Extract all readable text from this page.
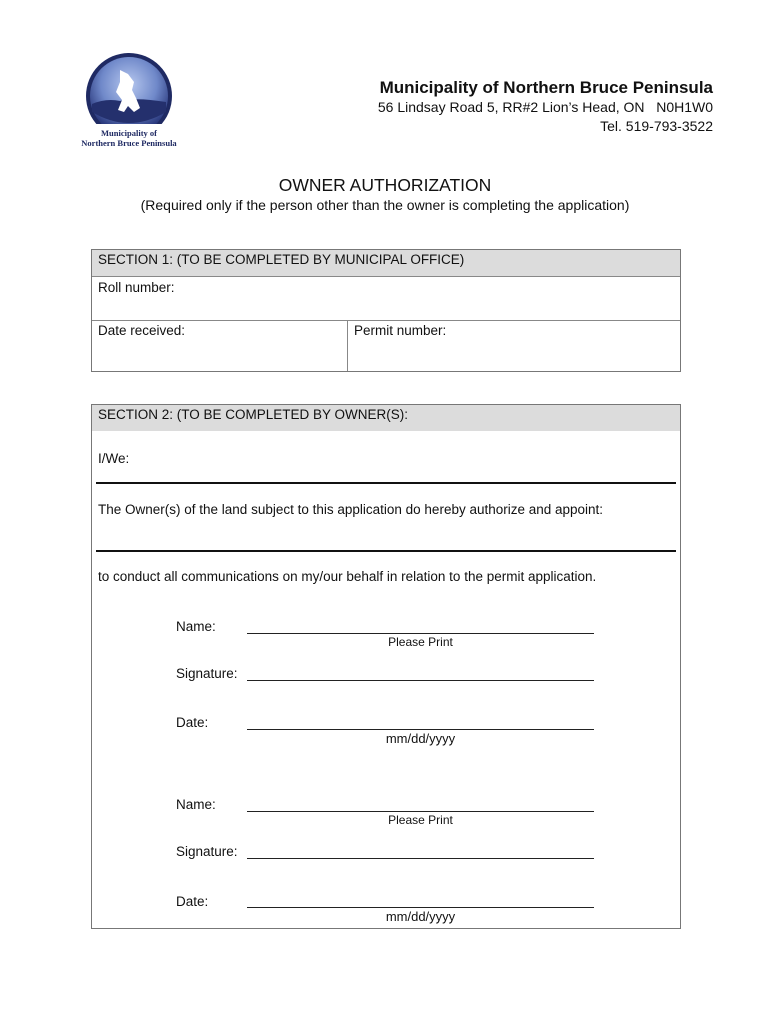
Municipality of
Northern Bruce Peninsula
Municipality of Northern Bruce Peninsula
56 Lindsay Road 5, RR#2 Lion’s Head, ON   N0H1W0
Tel. 519-793-3522
OWNER AUTHORIZATION
(Required only if the person other than the owner is completing the application)
SECTION 1: (TO BE COMPLETED BY MUNICIPAL OFFICE)
Roll number:
Date received:	Permit number:
SECTION 2: (TO BE COMPLETED BY OWNER(S):
I/We:
The Owner(s) of the land subject to this application do hereby authorize and appoint:
to conduct all communications on my/our behalf in relation to the permit application.
Name:
Please Print
Signature:
Date:
mm/dd/yyyy
Name:
Please Print
Signature:
Date:
mm/dd/yyyy
